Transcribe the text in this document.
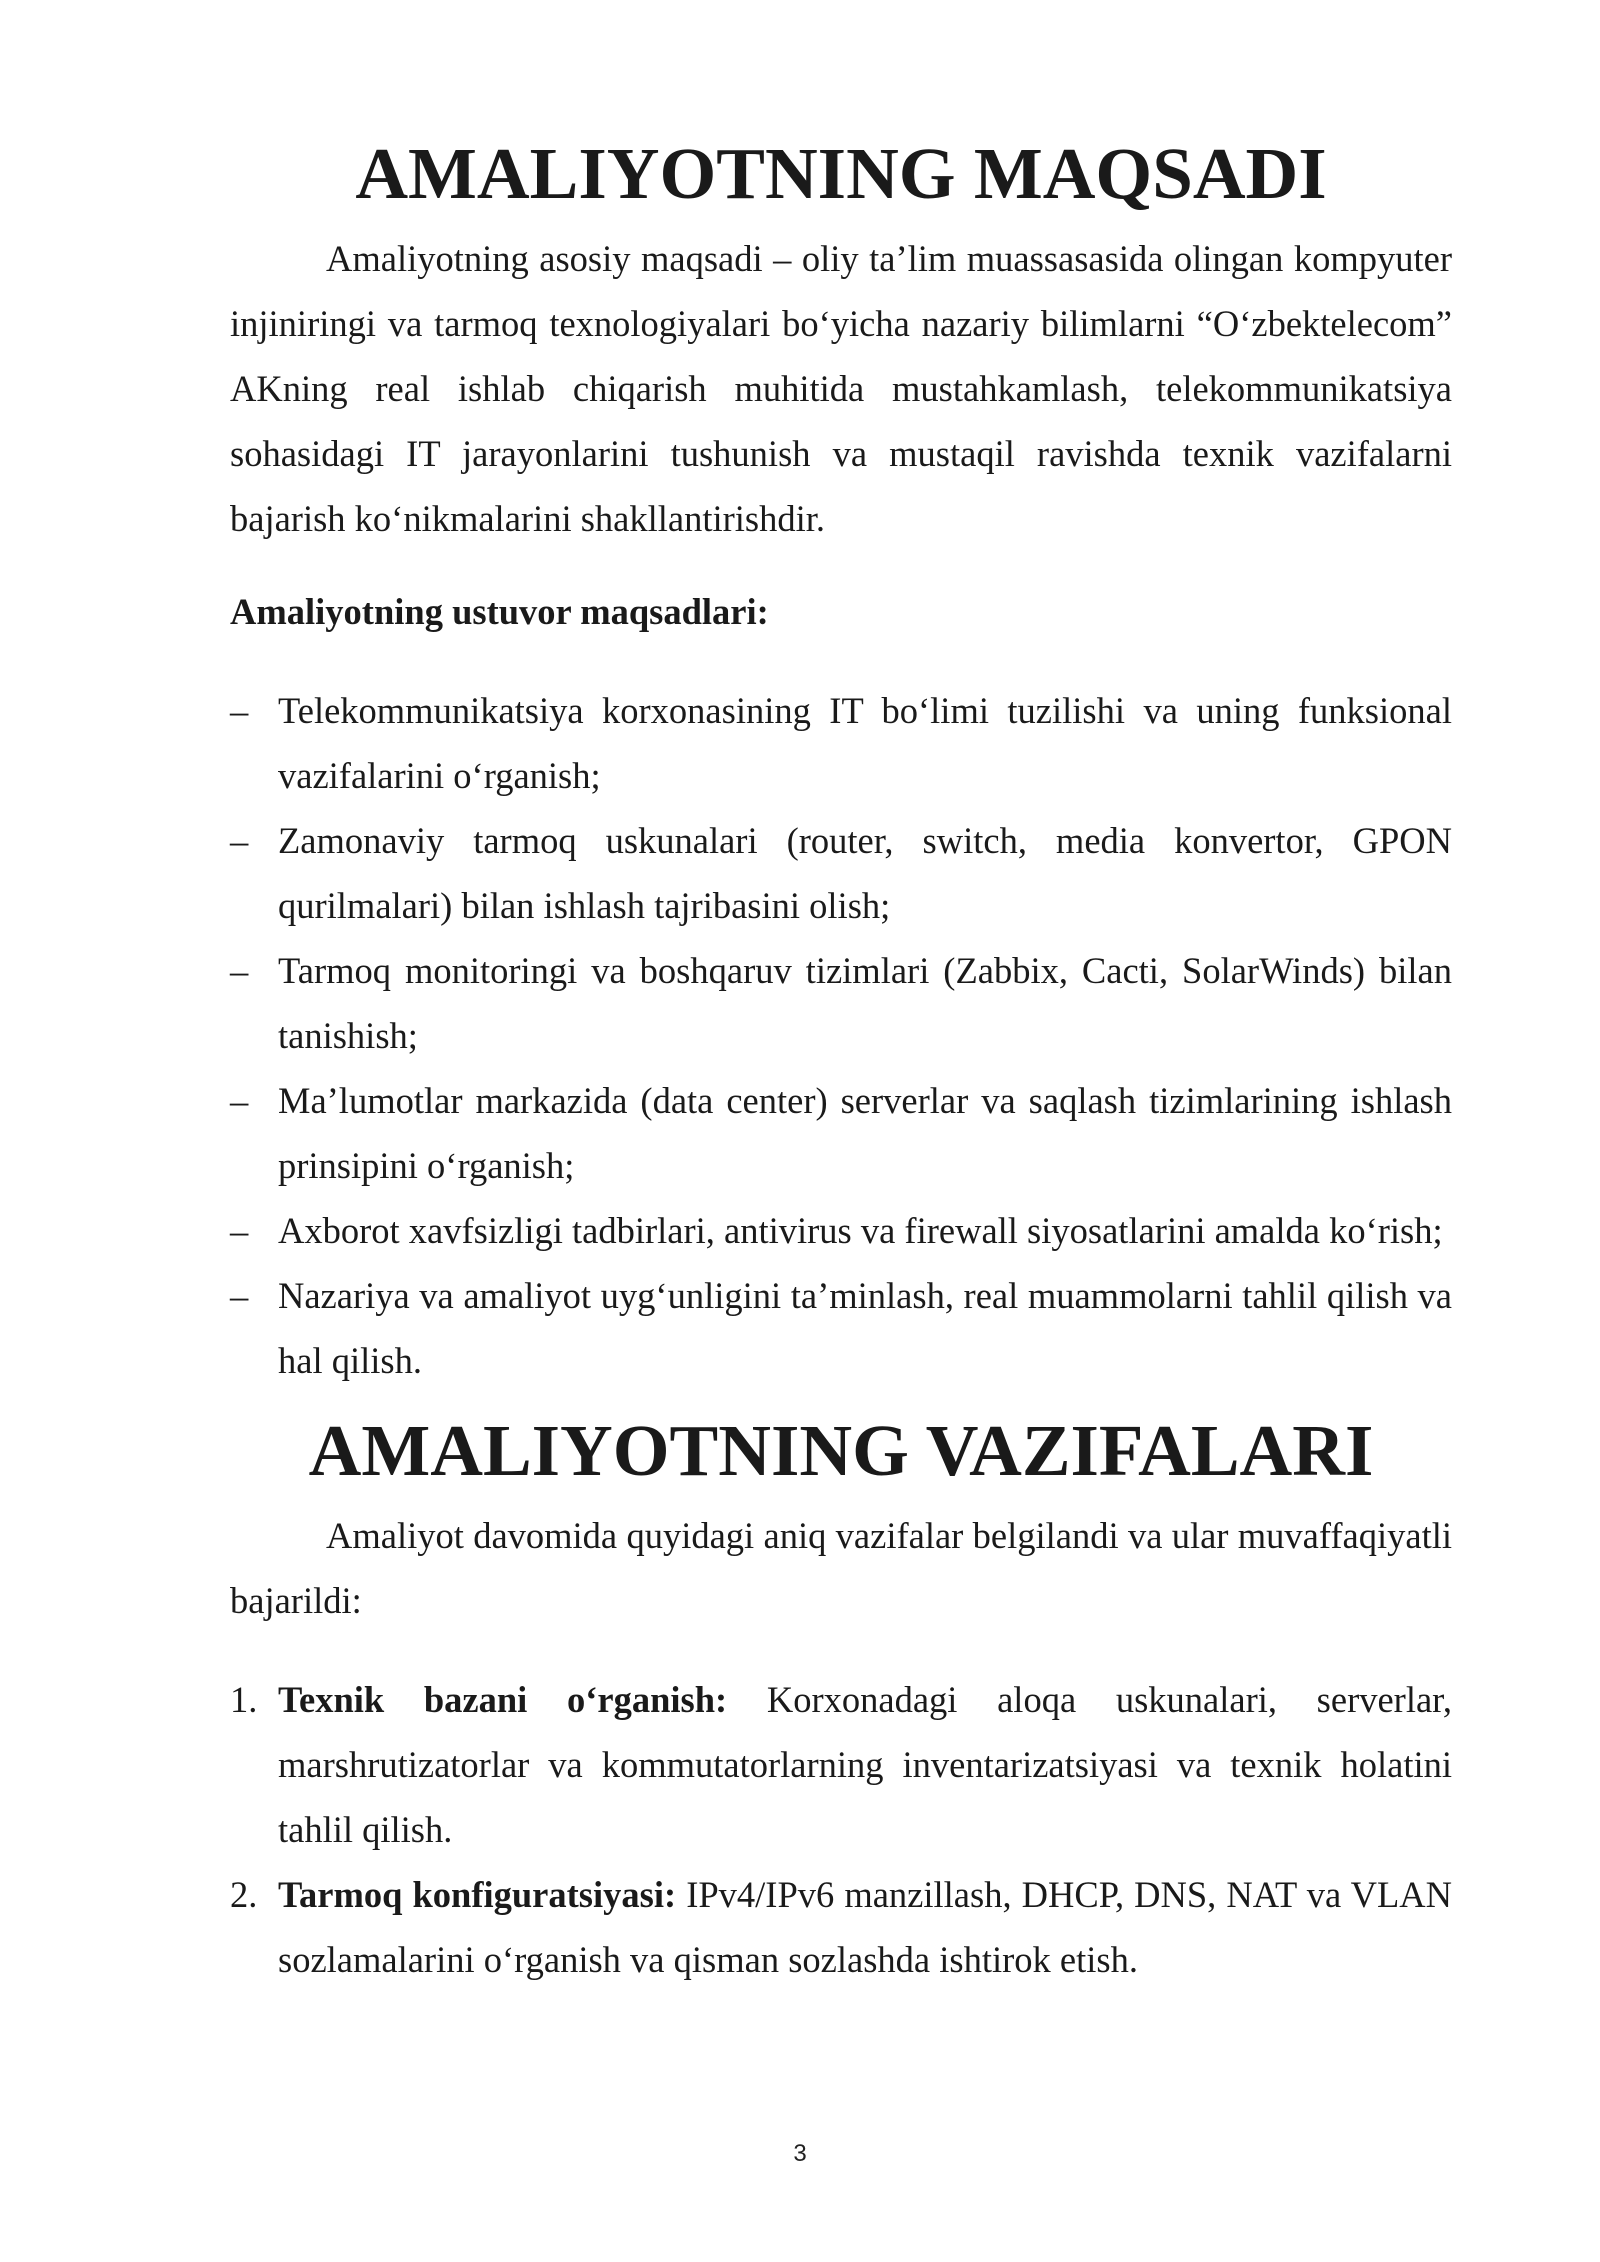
AMALIYOTNING MAQSADI

Amaliyotning asosiy maqsadi – oliy ta’lim muassasasida olingan kompyuter injiniringi va tarmoq texnologiyalari bo‘yicha nazariy bilimlarni “O‘zbektelecom” AKning real ishlab chiqarish muhitida mustahkamlash, telekommunikatsiya sohasidagi IT jarayonlarini tushunish va mustaqil ravishda texnik vazifalarni bajarish ko‘nikmalarini shakllantirishdir.

Amaliyotning ustuvor maqsadlari:

– Telekommunikatsiya korxonasining IT bo‘limi tuzilishi va uning funksional vazifalarini o‘rganish;
– Zamonaviy tarmoq uskunalari (router, switch, media konvertor, GPON qurilmalari) bilan ishlash tajribasini olish;
– Tarmoq monitoringi va boshqaruv tizimlari (Zabbix, Cacti, SolarWinds) bilan tanishish;
– Ma’lumotlar markazida (data center) serverlar va saqlash tizimlarining ishlash prinsipini o‘rganish;
– Axborot xavfsizligi tadbirlari, antivirus va firewall siyosatlarini amalda ko‘rish;
– Nazariya va amaliyot uyg‘unligini ta’minlash, real muammolarni tahlil qilish va hal qilish.
AMALIYOTNING VAZIFALARI

Amaliyot davomida quyidagi aniq vazifalar belgilandi va ular muvaffaqiyatli bajarildi:

1. Texnik bazani o‘rganish: Korxonadagi aloqa uskunalari, serverlar, marshrutizatorlar va kommutatorlarning inventarizatsiyasi va texnik holatini tahlil qilish.
2. Tarmoq konfiguratsiyasi: IPv4/IPv6 manzillash, DHCP, DNS, NAT va VLAN sozlamalarini o‘rganish va qisman sozlashda ishtirok etish.
3
